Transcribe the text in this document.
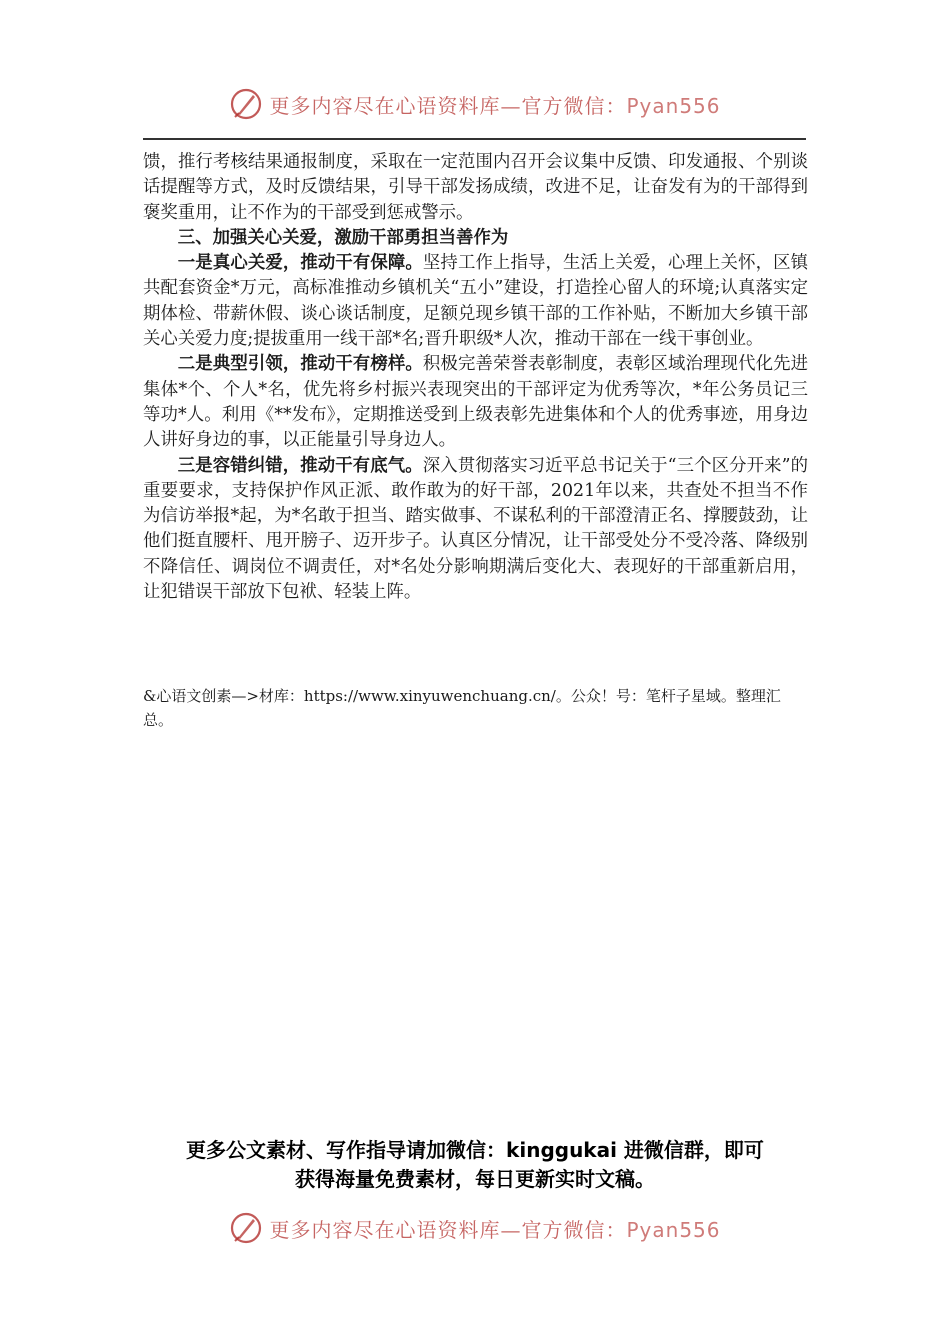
更多内容尽在心语资料库—官方微信：Pyan556

馈，推行考核结果通报制度，采取在一定范围内召开会议集中反馈、印发通报、个别谈话提醒等方式，及时反馈结果，引导干部发扬成绩，改进不足，让奋发有为的干部得到褒奖重用，让不作为的干部受到惩戒警示。

三、加强关心关爱，激励干部勇担当善作为

一是真心关爱，推动干有保障。坚持工作上指导，生活上关爱，心理上关怀，区镇共配套资金*万元，高标准推动乡镇机关“五小”建设，打造拴心留人的环境;认真落实定期体检、带薪休假、谈心谈话制度，足额兑现乡镇干部的工作补贴，不断加大乡镇干部关心关爱力度;提拔重用一线干部*名;晋升职级*人次，推动干部在一线干事创业。

二是典型引领，推动干有榜样。积极完善荣誉表彰制度，表彰区域治理现代化先进集体*个、个人*名，优先将乡村振兴表现突出的干部评定为优秀等次，*年公务员记三等功*人。利用《**发布》，定期推送受到上级表彰先进集体和个人的优秀事迹，用身边人讲好身边的事，以正能量引导身边人。

三是容错纠错，推动干有底气。深入贯彻落实习近平总书记关于“三个区分开来”的重要要求，支持保护作风正派、敢作敢为的好干部，2021年以来，共查处不担当不作为信访举报*起，为*名敢于担当、踏实做事、不谋私利的干部澄清正名、撑腰鼓劲，让他们挺直腰杆、甩开膀子、迈开步子。认真区分情况，让干部受处分不受冷落、降级别不降信任、调岗位不调责任，对*名处分影响期满后变化大、表现好的干部重新启用，让犯错误干部放下包袱、轻装上阵。

&心语文创素—>材库：https://www.xinyuwenchuang.cn/。公众！号：笔杆子星域。整理汇总。
更多公文素材、写作指导请加微信：kinggukai 进微信群，即可
获得海量免费素材，每日更新实时文稿。
更多内容尽在心语资料库—官方微信：Pyan556
